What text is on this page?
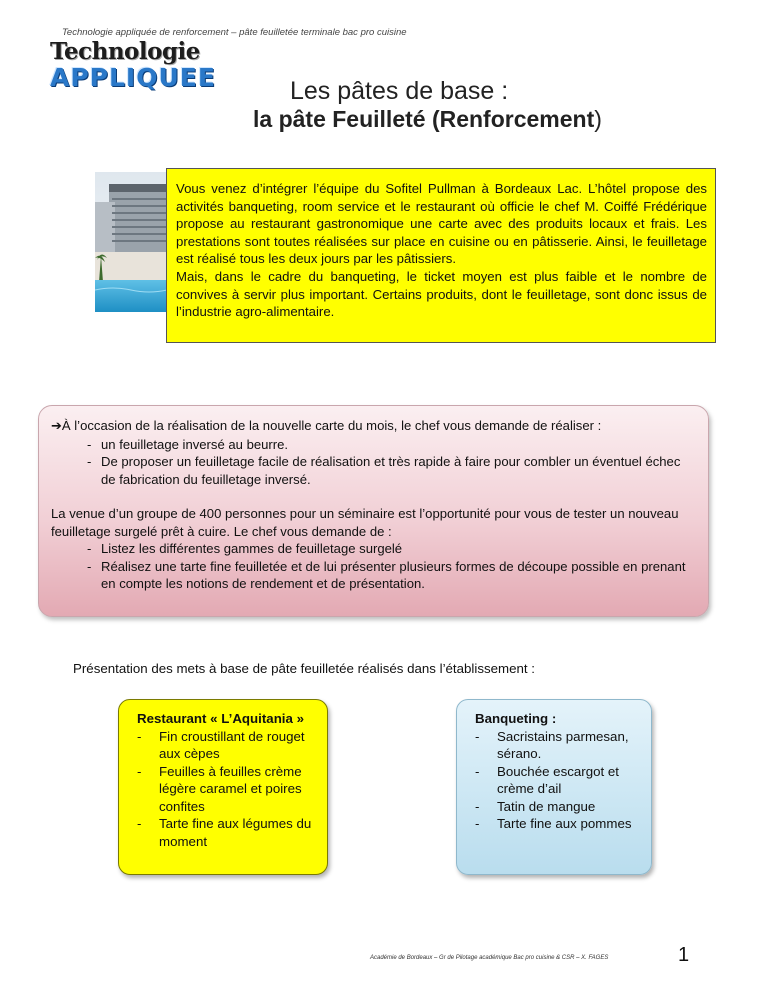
Technologie appliquée de renforcement – pâte feuilletée terminale bac pro cuisine
Technologie
APPLIQUEE	Les pâtes de base :
la pâte Feuilleté (Renforcement)

Vous venez d’intégrer l’équipe du Sofitel Pullman à Bordeaux Lac. L’hôtel propose des activités banqueting, room service et le restaurant où officie le chef M. Coiffé Frédérique propose au restaurant gastronomique une carte avec des produits locaux et frais. Les prestations sont toutes réalisées sur place en cuisine ou en pâtisserie. Ainsi, le feuilletage est réalisé tous les deux jours par les pâtissiers.

Mais, dans le cadre du banqueting, le ticket moyen est plus faible et le nombre de convives à servir plus important. Certains produits, dont le feuilletage, sont donc issus de l’industrie agro-alimentaire.

➔À l’occasion de la réalisation de la nouvelle carte du mois, le chef vous demande de réaliser :
- un feuilletage inversé au beurre.
- De proposer un feuilletage facile de réalisation et très rapide à faire pour combler un éventuel échec de fabrication du feuilletage inversé.
La venue d’un groupe de 400 personnes pour un séminaire est l’opportunité pour vous de tester un nouveau feuilletage surgelé prêt à cuire. Le chef vous demande de :
- Listez les différentes gammes de feuilletage surgelé
- Réalisez une tarte fine feuilletée et de lui présenter plusieurs formes de découpe possible en prenant en compte les notions de rendement et de présentation.
Présentation des mets à base de pâte feuilletée réalisés dans l’établissement :
Restaurant « L’Aquitania »
-	Fin croustillant de rouget aux cèpes
-	Feuilles à feuilles crème légère caramel et poires confites
-	Tarte fine aux légumes du moment
Banqueting :
-	Sacristains parmesan, sérano.
-	Bouchée escargot et crème d’ail
-	Tatin de mangue
-	Tarte fine aux pommes
Académie de Bordeaux – Gr de Pilotage académique Bac pro cuisine & CSR – X. FAGES	1
